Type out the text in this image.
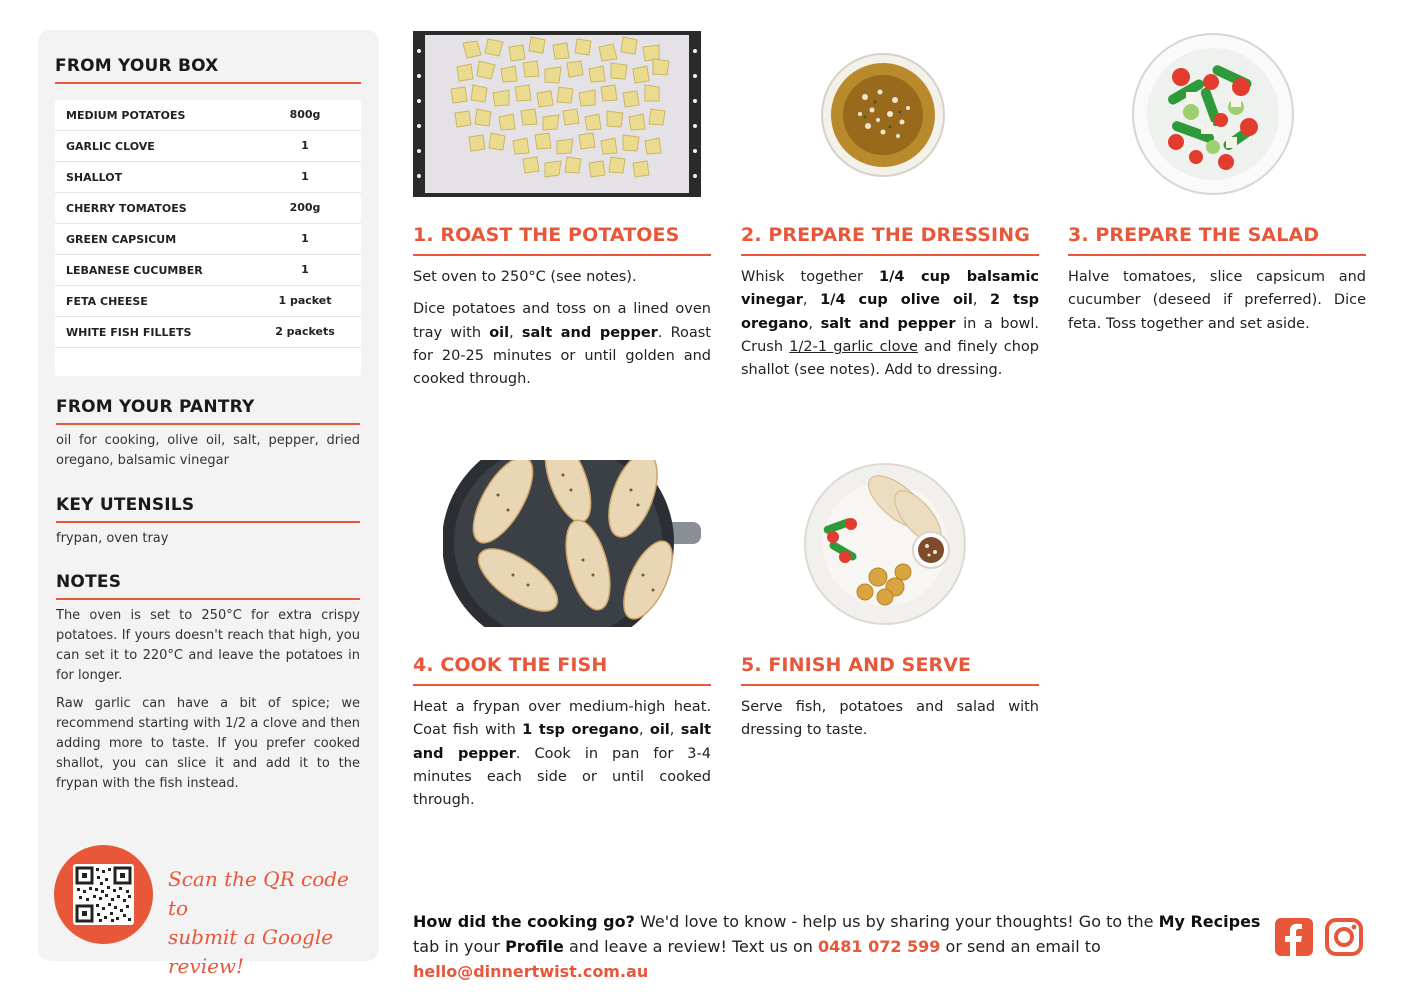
FROM YOUR BOX
MEDIUM POTATOES	800g
GARLIC CLOVE	1
SHALLOT	1
CHERRY TOMATOES	200g
GREEN CAPSICUM	1
LEBANESE CUCUMBER	1
FETA CHEESE	1 packet
WHITE FISH FILLETS	2 packets
FROM YOUR PANTRY
oil for cooking, olive oil, salt, pepper, dried oregano, balsamic vinegar
KEY UTENSILS
frypan, oven tray
NOTES

The oven is set to 250°C for extra crispy potatoes. If yours doesn't reach that high, you can set it to 220°C and leave the potatoes in for longer.

Raw garlic can have a bit of spice; we recommend starting with 1/2 a clove and then adding more to taste. If you prefer cooked shallot, you can slice it and add it to the frypan with the fish instead.

Scan the QR code to
submit a Google review!
1. ROAST THE POTATOES

Set oven to 250°C (see notes).

Dice potatoes and toss on a lined oven tray with oil, salt and pepper. Roast for 20-25 minutes or until golden and cooked through.

2. PREPARE THE DRESSING

Whisk together 1/4 cup balsamic vinegar, 1/4 cup olive oil, 2 tsp oregano, salt and pepper in a bowl. Crush 1/2-1 garlic clove and finely chop shallot (see notes). Add to dressing.

3. PREPARE THE SALAD

Halve tomatoes, slice capsicum and cucumber (deseed if preferred). Dice feta. Toss together and set aside.

4. COOK THE FISH

Heat a frypan over medium-high heat. Coat fish with 1 tsp oregano, oil, salt and pepper. Cook in pan for 3-4 minutes each side or until cooked through.

5. FINISH AND SERVE

Serve fish, potatoes and salad with dressing to taste.

How did the cooking go? We'd love to know - help us by sharing your thoughts! Go to the My Recipes tab in your Profile and leave a review! Text us on 0481 072 599 or send an email to hello@dinnertwist.com.au
